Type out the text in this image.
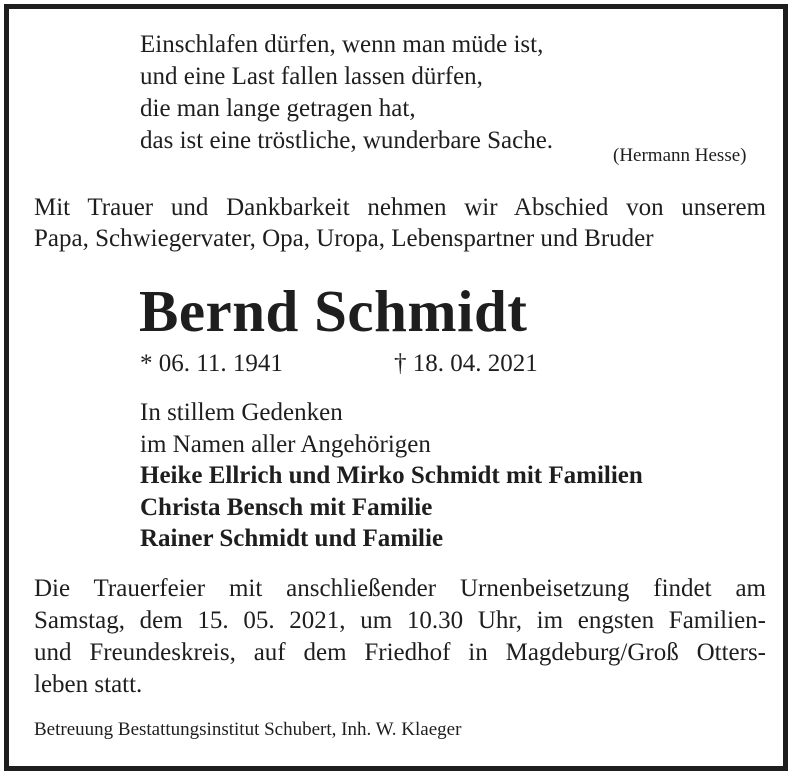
Einschlafen dürfen, wenn man müde ist,
und eine Last fallen lassen dürfen,
die man lange getragen hat,
das ist eine tröstliche, wunderbare Sache.
(Hermann Hesse)
Mit Trauer und Dankbarkeit nehmen wir Abschied von unserem
Papa, Schwiegervater, Opa, Uropa, Lebenspartner und Bruder
Bernd Schmidt
* 06. 11. 1941	† 18. 04. 2021
In stillem Gedenken
im Namen aller Angehörigen
Heike Ellrich und Mirko Schmidt mit Familien
Christa Bensch mit Familie
Rainer Schmidt und Familie
Die Trauerfeier mit anschließender Urnenbeisetzung findet am
Samstag, dem 15. 05. 2021, um 10.30 Uhr, im engsten Familien-
und Freundeskreis, auf dem Friedhof in Magdeburg/Groß Otters-
leben statt.
Betreuung Bestattungsinstitut Schubert, Inh. W. Klaeger
